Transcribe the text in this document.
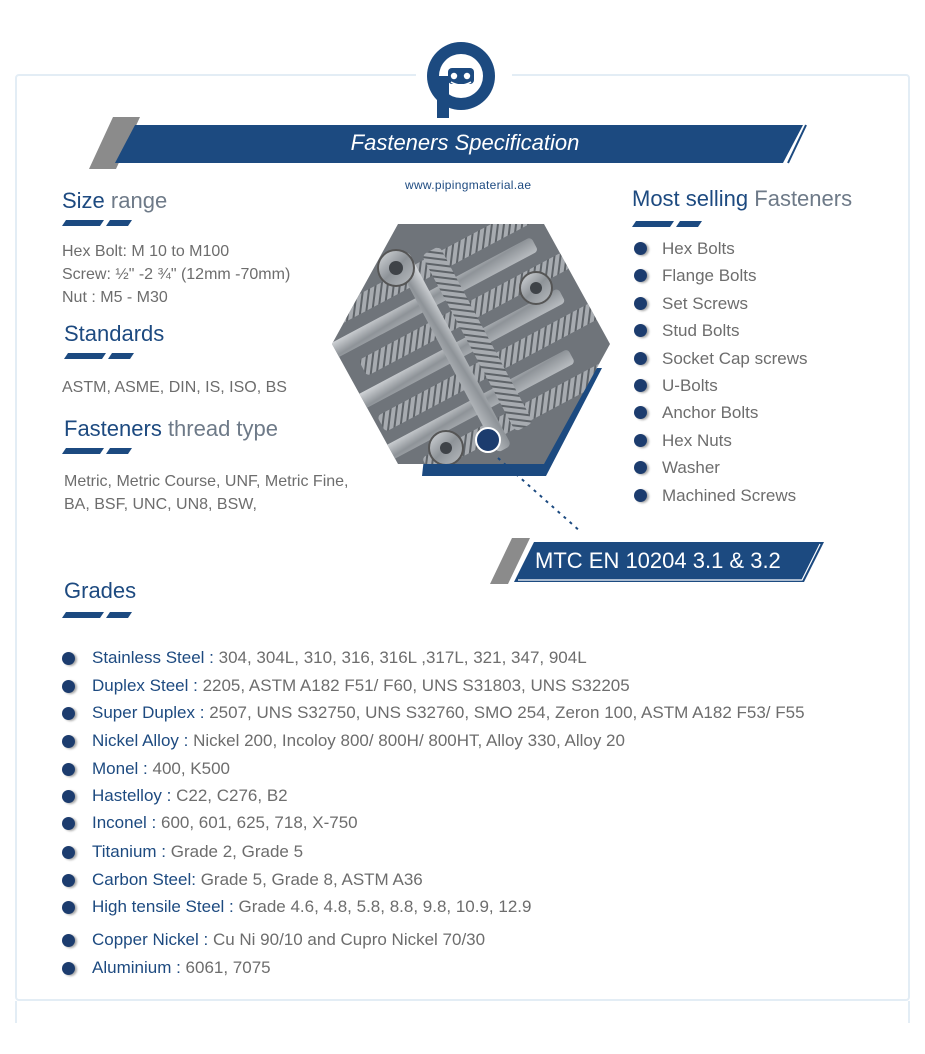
Fasteners Specification
www.pipingmaterial.ae
Size range
Hex Bolt: M 10 to M100
Screw: ½" -2 ¾" (12mm -70mm)
Nut : M5 - M30
Standards
ASTM, ASME, DIN, IS, ISO, BS
Fasteners thread type
Metric, Metric Course, UNF, Metric Fine,
BA, BSF, UNC, UN8, BSW,
Most selling Fasteners
Hex Bolts
Flange Bolts
Set Screws
Stud Bolts
Socket Cap screws
U-Bolts
Anchor Bolts
Hex Nuts
Washer
Machined Screws
MTC EN 10204 3.1 & 3.2
Grades
Stainless Steel : 304, 304L, 310, 316, 316L ,317L, 321, 347, 904L
Duplex Steel : 2205, ASTM A182 F51/ F60, UNS S31803, UNS S32205
Super Duplex : 2507, UNS S32750, UNS S32760, SMO 254, Zeron 100, ASTM A182 F53/ F55
Nickel Alloy : Nickel 200, Incoloy 800/ 800H/ 800HT, Alloy 330, Alloy 20
Monel : 400, K500
Hastelloy : C22, C276, B2
Inconel : 600, 601, 625, 718, X-750
Titanium : Grade 2, Grade 5
Carbon Steel: Grade 5, Grade 8, ASTM A36
High tensile Steel : Grade 4.6, 4.8, 5.8, 8.8, 9.8, 10.9, 12.9
Copper Nickel : Cu Ni 90/10 and Cupro Nickel 70/30
Aluminium : 6061, 7075
